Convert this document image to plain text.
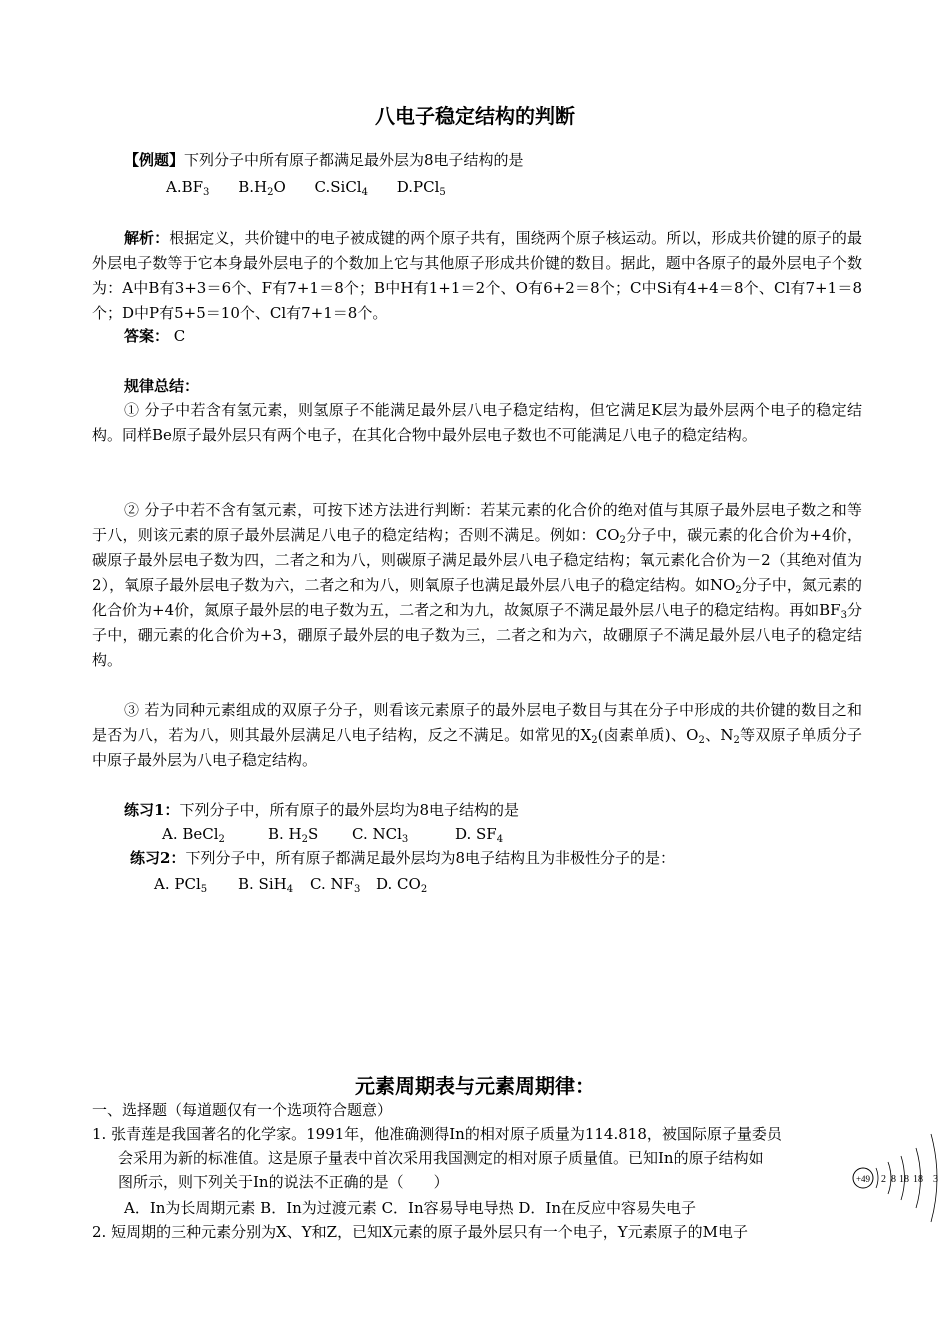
八电子稳定结构的判断
【例题】下列分子中所有原子都满足最外层为8电子结构的是
$A.BF_3$ $B.H_2O$ C.SiCl$_4$ D.PCl$_5$
解析：根据定义，共价键中的电子被成键的两个原子共有，围绕两个原子核运动。所以，形成共价键的原子的最外层电子数等于它本身最外层电子的个数加上它与其他原子形成共价键的数目。据此，题中各原子的最外层电子个数为：A中B有3+3＝6个、F有7+1＝8个；B中H有1+1＝2个、O有6+2＝8个；C中Si有4+4＝8个、Cl有7+1＝8个；D中P有5+5＝10个、Cl有7+1＝8个。
答案： C
规律总结：
① 分子中若含有氢元素，则氢原子不能满足最外层八电子稳定结构，但它满足K层为最外层两个电子的稳定结构。同样Be原子最外层只有两个电子，在其化合物中最外层电子数也不可能满足八电子的稳定结构。
② 分子中若不含有氢元素，可按下述方法进行判断：若某元素的化合价的绝对值与其原子最外层电子数之和等于八，则该元素的原子最外层满足八电子的稳定结构；否则不满足。例如：$CO_2$分子中，碳元素的化合价为+4价，碳原子最外层电子数为四，二者之和为八，则碳原子满足最外层八电子稳定结构；氧元素化合价为－2（其绝对值为2），氧原子最外层电子数为六，二者之和为八，则氧原子也满足最外层八电子的稳定结构。如$NO_2$分子中，氮元素的化合价为+4价，氮原子最外层的电子数为五，二者之和为九，故氮原子不满足最外层八电子的稳定结构。再如$BF_3$分子中，硼元素的化合价为+3，硼原子最外层的电子数为三，二者之和为六，故硼原子不满足最外层八电子的稳定结构。
③ 若为同种元素组成的双原子分子，则看该元素原子的最外层电子数目与其在分子中形成的共价键的数目之和是否为八，若为八，则其最外层满足八电子结构，反之不满足。如常见的$X_2$(卤素单质)、$O_2$、$N_2$等双原子单质分子中原子最外层为八电子稳定结构。
练习1：下列分子中，所有原子的最外层均为8电子结构的是
A. BeCl$_2$	B. $H_2S$ C. NCl$_3$	D. $SF_4$
练习2：下列分子中，所有原子都满足最外层均为8电子结构且为非极性分子的是：
A. PCl$_5$ B. SiH$_4$ C. $NF_3$ D. $CO_2$
元素周期表与元素周期律：
一、选择题（每道题仅有一个选项符合题意）
1. 张青莲是我国著名的化学家。1991年，他准确测得In的相对原子质量为114.818，被国际原子量委员
会采用为新的标准值。这是原子量表中首次采用我国测定的相对原子质量值。已知In的原子结构如
图所示，则下列关于In的说法不正确的是（　　）
A．In为长周期元素 B．In为过渡元素 C．In容易导电导热 D．In在反应中容易失电子
2. 短周期的三种元素分别为X、Y和Z，已知X元素的原子最外层只有一个电子，Y元素原子的M电子
+49 2 8 18 18 3
